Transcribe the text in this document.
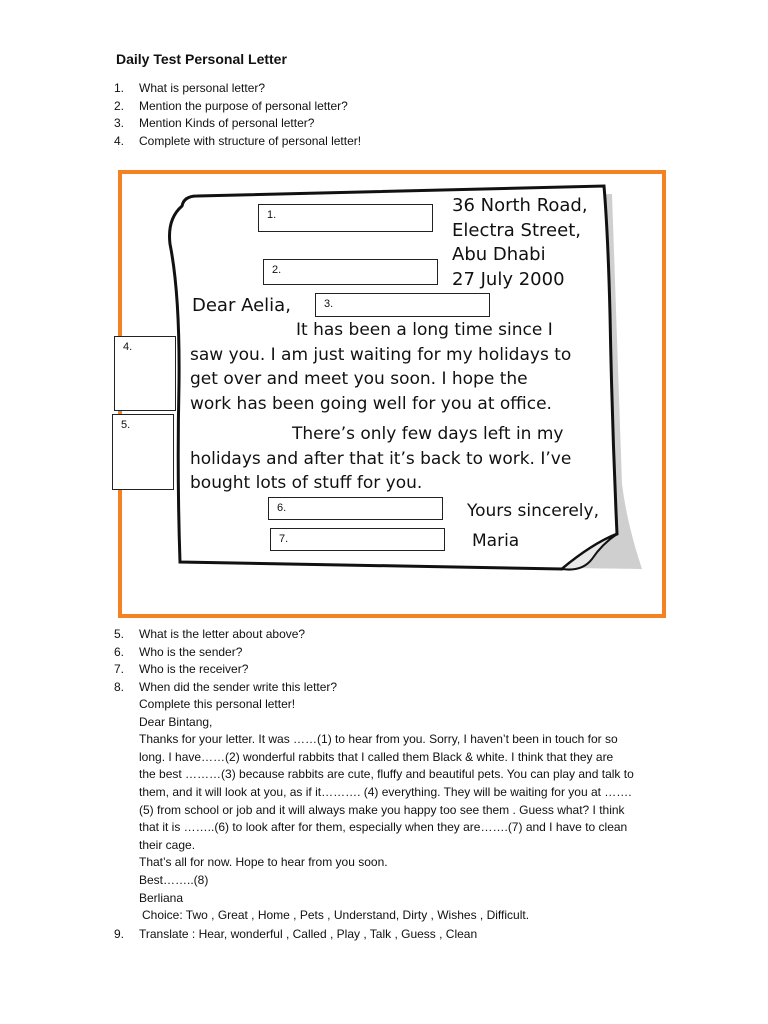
Daily Test Personal Letter
1. What is personal letter?
2. Mention the purpose of personal letter?
3. Mention Kinds of personal letter?
4. Complete with structure of personal letter!
36 North Road,
Electra Street,
Abu Dhabi
27 July 2000
Dear Aelia,
It has been a long time since I
saw you. I am just waiting for my holidays to
get over and meet you soon. I hope the
work has been going well for you at office.
There’s only few days left in my
holidays and after that it’s back to work. I’ve
bought lots of stuff for you.
Yours sincerely,
Maria
1.
2.
3.
4.
5.
6.
7.
5. What is the letter about above?
6. Who is the sender?
7. Who is the receiver?
8. When did the sender write this letter?

Complete this personal letter!

Dear Bintang,

Thanks for your letter. It was ……(1) to hear from you. Sorry, I haven’t been in touch for so

long. I have……(2) wonderful rabbits that I called them Black & white. I think that they are

the best ………(3) because rabbits are cute, fluffy and beautiful pets. You can play and talk to

them, and it will look at you, as if it………. (4) everything. They will be waiting for you at …….

(5) from school or job and it will always make you happy too see them . Guess what? I think

that it is ……..(6) to look after for them, especially when they are…….(7) and I have to clean

their cage.

That’s all for now. Hope to hear from you soon.

Best……..(8)

Berliana

Choice: Two , Great , Home , Pets , Understand, Dirty , Wishes , Difficult.

9. Translate : Hear, wonderful , Called , Play , Talk , Guess , Clean
